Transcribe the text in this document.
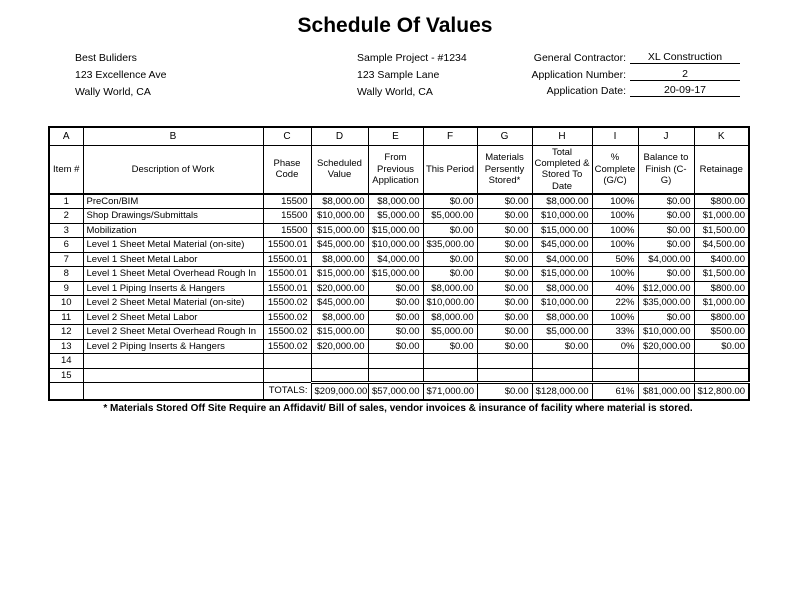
Schedule Of Values
Best Buliders
123 Excellence Ave
Wally World, CA
Sample Project - #1234
123 Sample Lane
Wally World, CA
General Contractor:	XL Construction
Application Number:	2
Application Date:	20-09-17
A	B	C	D	E	F	G	H	I	J	K
Item #	Description of Work	Phase Code	Scheduled Value	From Previous Application	This Period	Materials Persently Stored*	Total Completed & Stored To Date	% Complete (G/C)	Balance to Finish (C-G)	Retainage
1	PreCon/BIM	15500	$8,000.00	$8,000.00	$0.00	$0.00	$8,000.00	100%	$0.00	$800.00
2	Shop Drawings/Submittals	15500	$10,000.00	$5,000.00	$5,000.00	$0.00	$10,000.00	100%	$0.00	$1,000.00
3	Mobilization	15500	$15,000.00	$15,000.00	$0.00	$0.00	$15,000.00	100%	$0.00	$1,500.00
6	Level 1 Sheet Metal Material (on-site)	15500.01	$45,000.00	$10,000.00	$35,000.00	$0.00	$45,000.00	100%	$0.00	$4,500.00
7	Level 1 Sheet Metal Labor	15500.01	$8,000.00	$4,000.00	$0.00	$0.00	$4,000.00	50%	$4,000.00	$400.00
8	Level 1 Sheet Metal Overhead Rough In	15500.01	$15,000.00	$15,000.00	$0.00	$0.00	$15,000.00	100%	$0.00	$1,500.00
9	Level 1 Piping Inserts & Hangers	15500.01	$20,000.00	$0.00	$8,000.00	$0.00	$8,000.00	40%	$12,000.00	$800.00
10	Level 2 Sheet Metal Material (on-site)	15500.02	$45,000.00	$0.00	$10,000.00	$0.00	$10,000.00	22%	$35,000.00	$1,000.00
11	Level 2 Sheet Metal Labor	15500.02	$8,000.00	$0.00	$8,000.00	$0.00	$8,000.00	100%	$0.00	$800.00
12	Level 2 Sheet Metal Overhead Rough In	15500.02	$15,000.00	$0.00	$5,000.00	$0.00	$5,000.00	33%	$10,000.00	$500.00
13	Level 2 Piping Inserts & Hangers	15500.02	$20,000.00	$0.00	$0.00	$0.00	$0.00	0%	$20,000.00	$0.00
14										
15										
		TOTALS:	$209,000.00	$57,000.00	$71,000.00	$0.00	$128,000.00	61%	$81,000.00	$12,800.00
* Materials Stored Off Site Require an Affidavit/ Bill of sales, vendor invoices & insurance of facility where material is stored.
